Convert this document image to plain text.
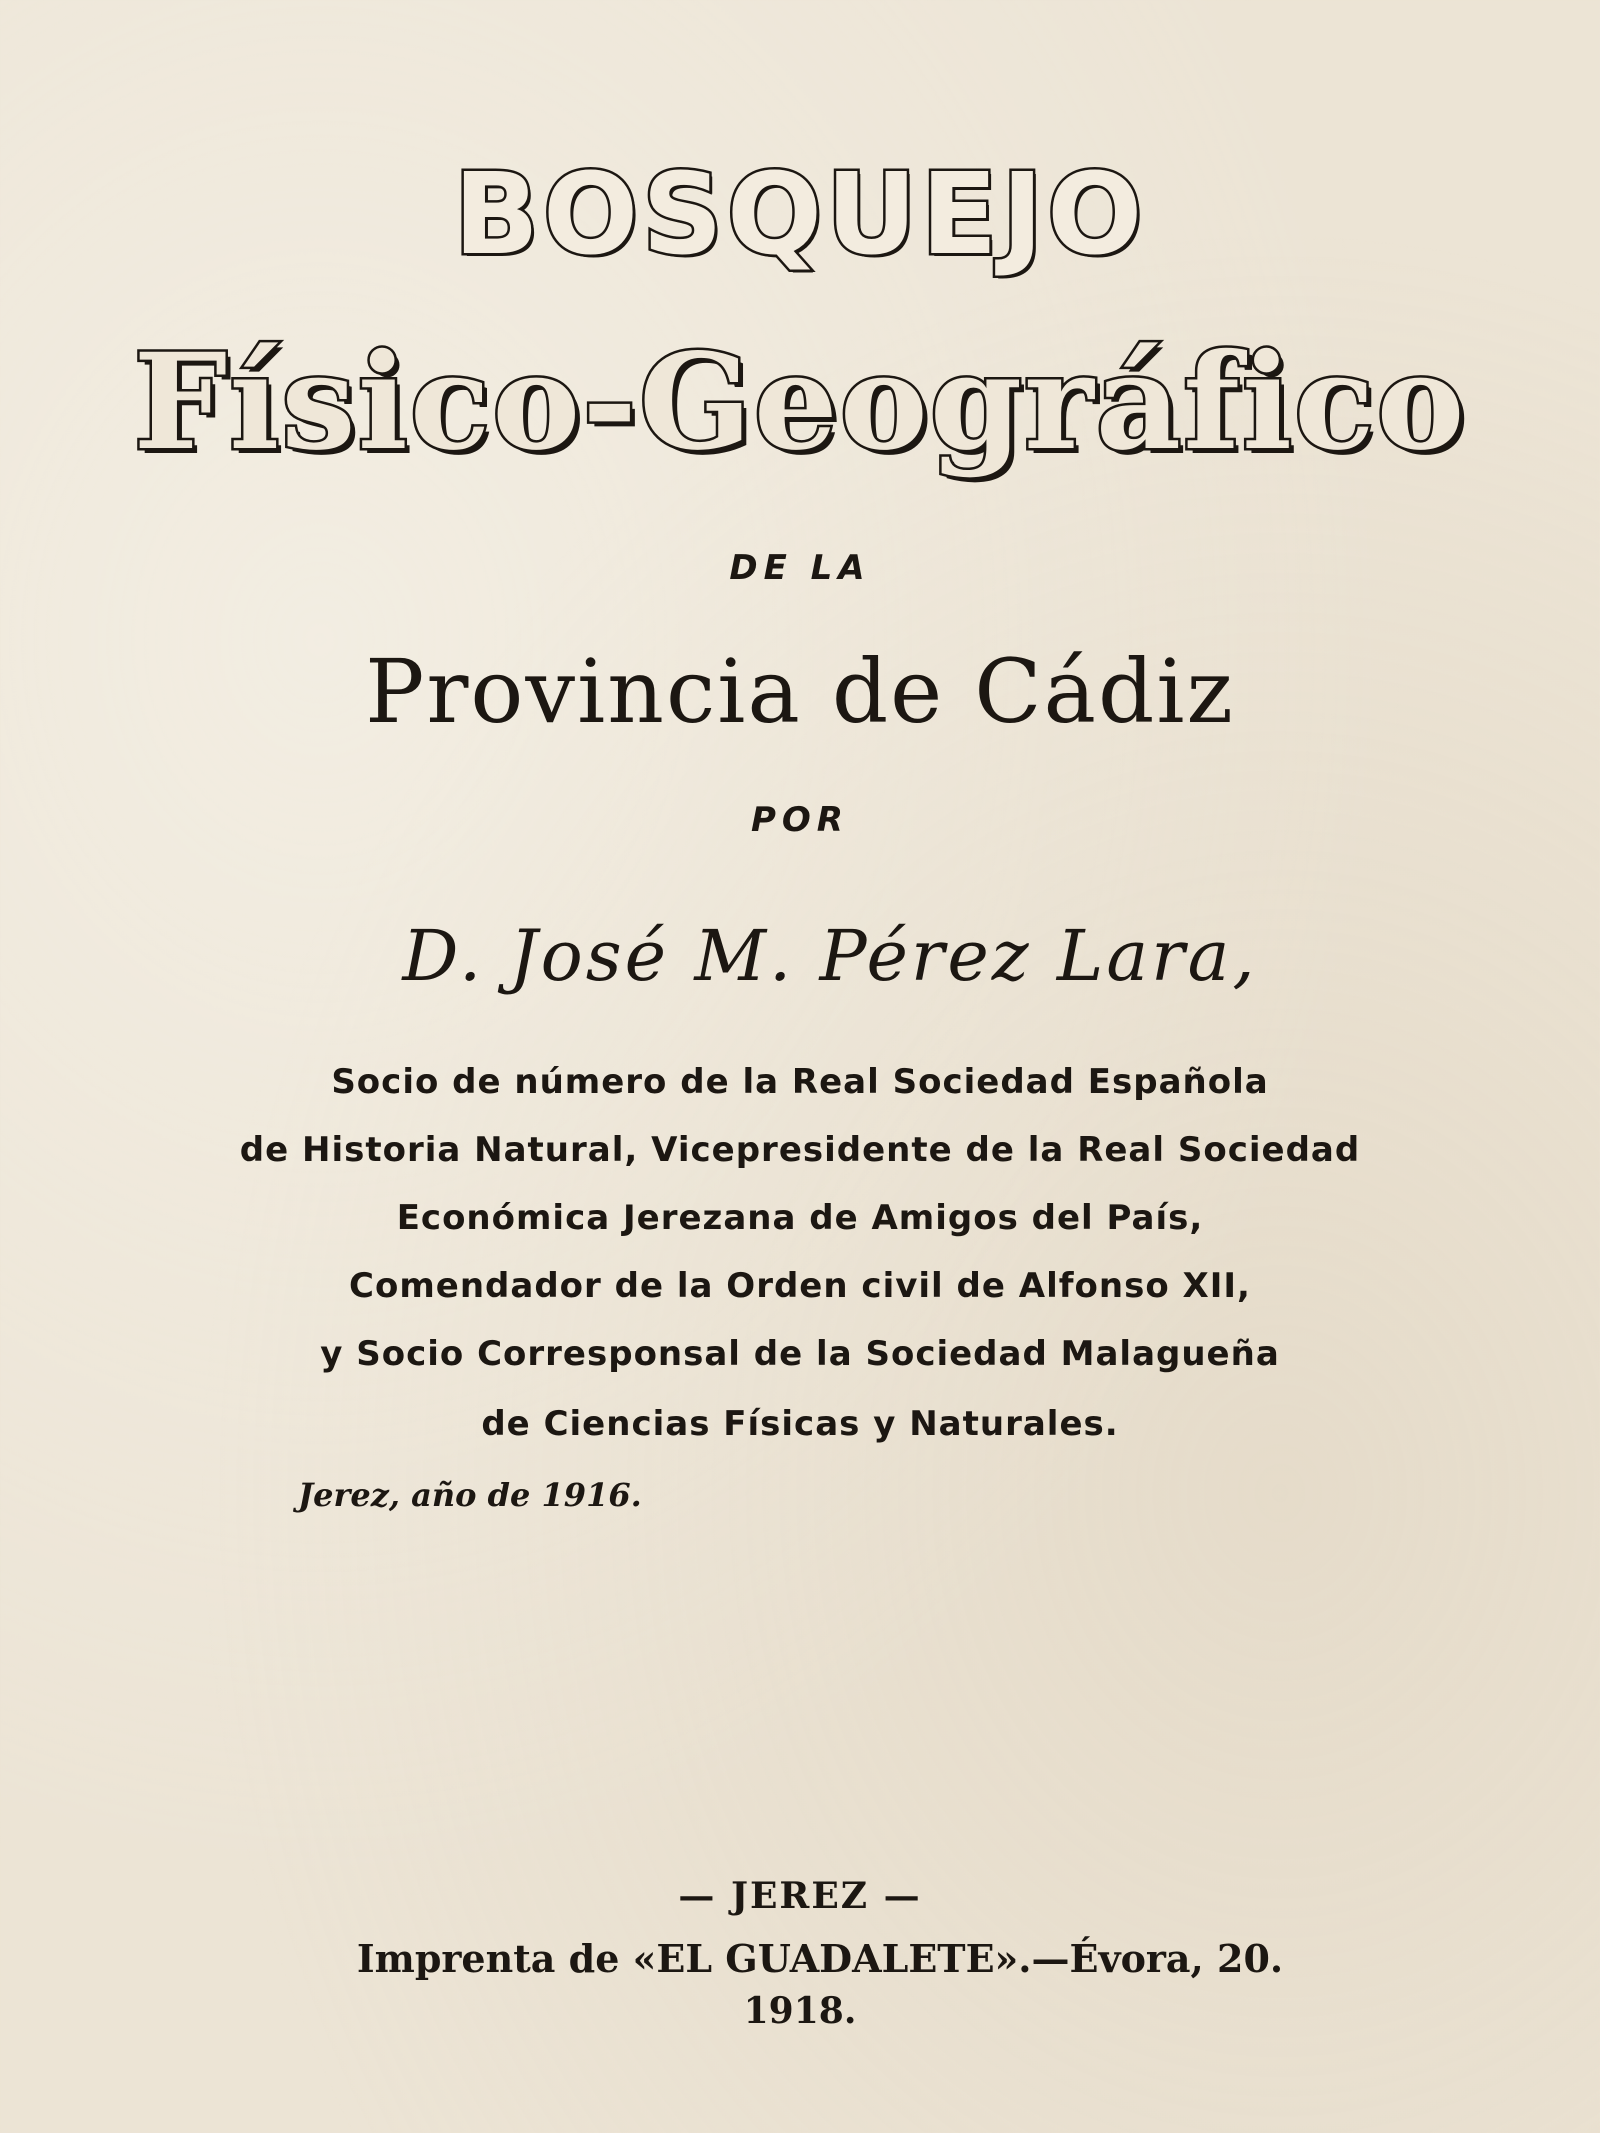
BOSQUEJO
Físico-Geográfico
DE LA
Provincia de Cádiz
POR
D. José M. Pérez Lara,
Socio de número de la Real Sociedad Española
de Historia Natural, Vicepresidente de la Real Sociedad
Económica Jerezana de Amigos del País,
Comendador de la Orden civil de Alfonso XII,
y Socio Corresponsal de la Sociedad Malagueña
de Ciencias Físicas y Naturales.
Jerez, año de 1916.
— JEREZ —
Imprenta de «EL GUADALETE».—Évora, 20.
1918.
